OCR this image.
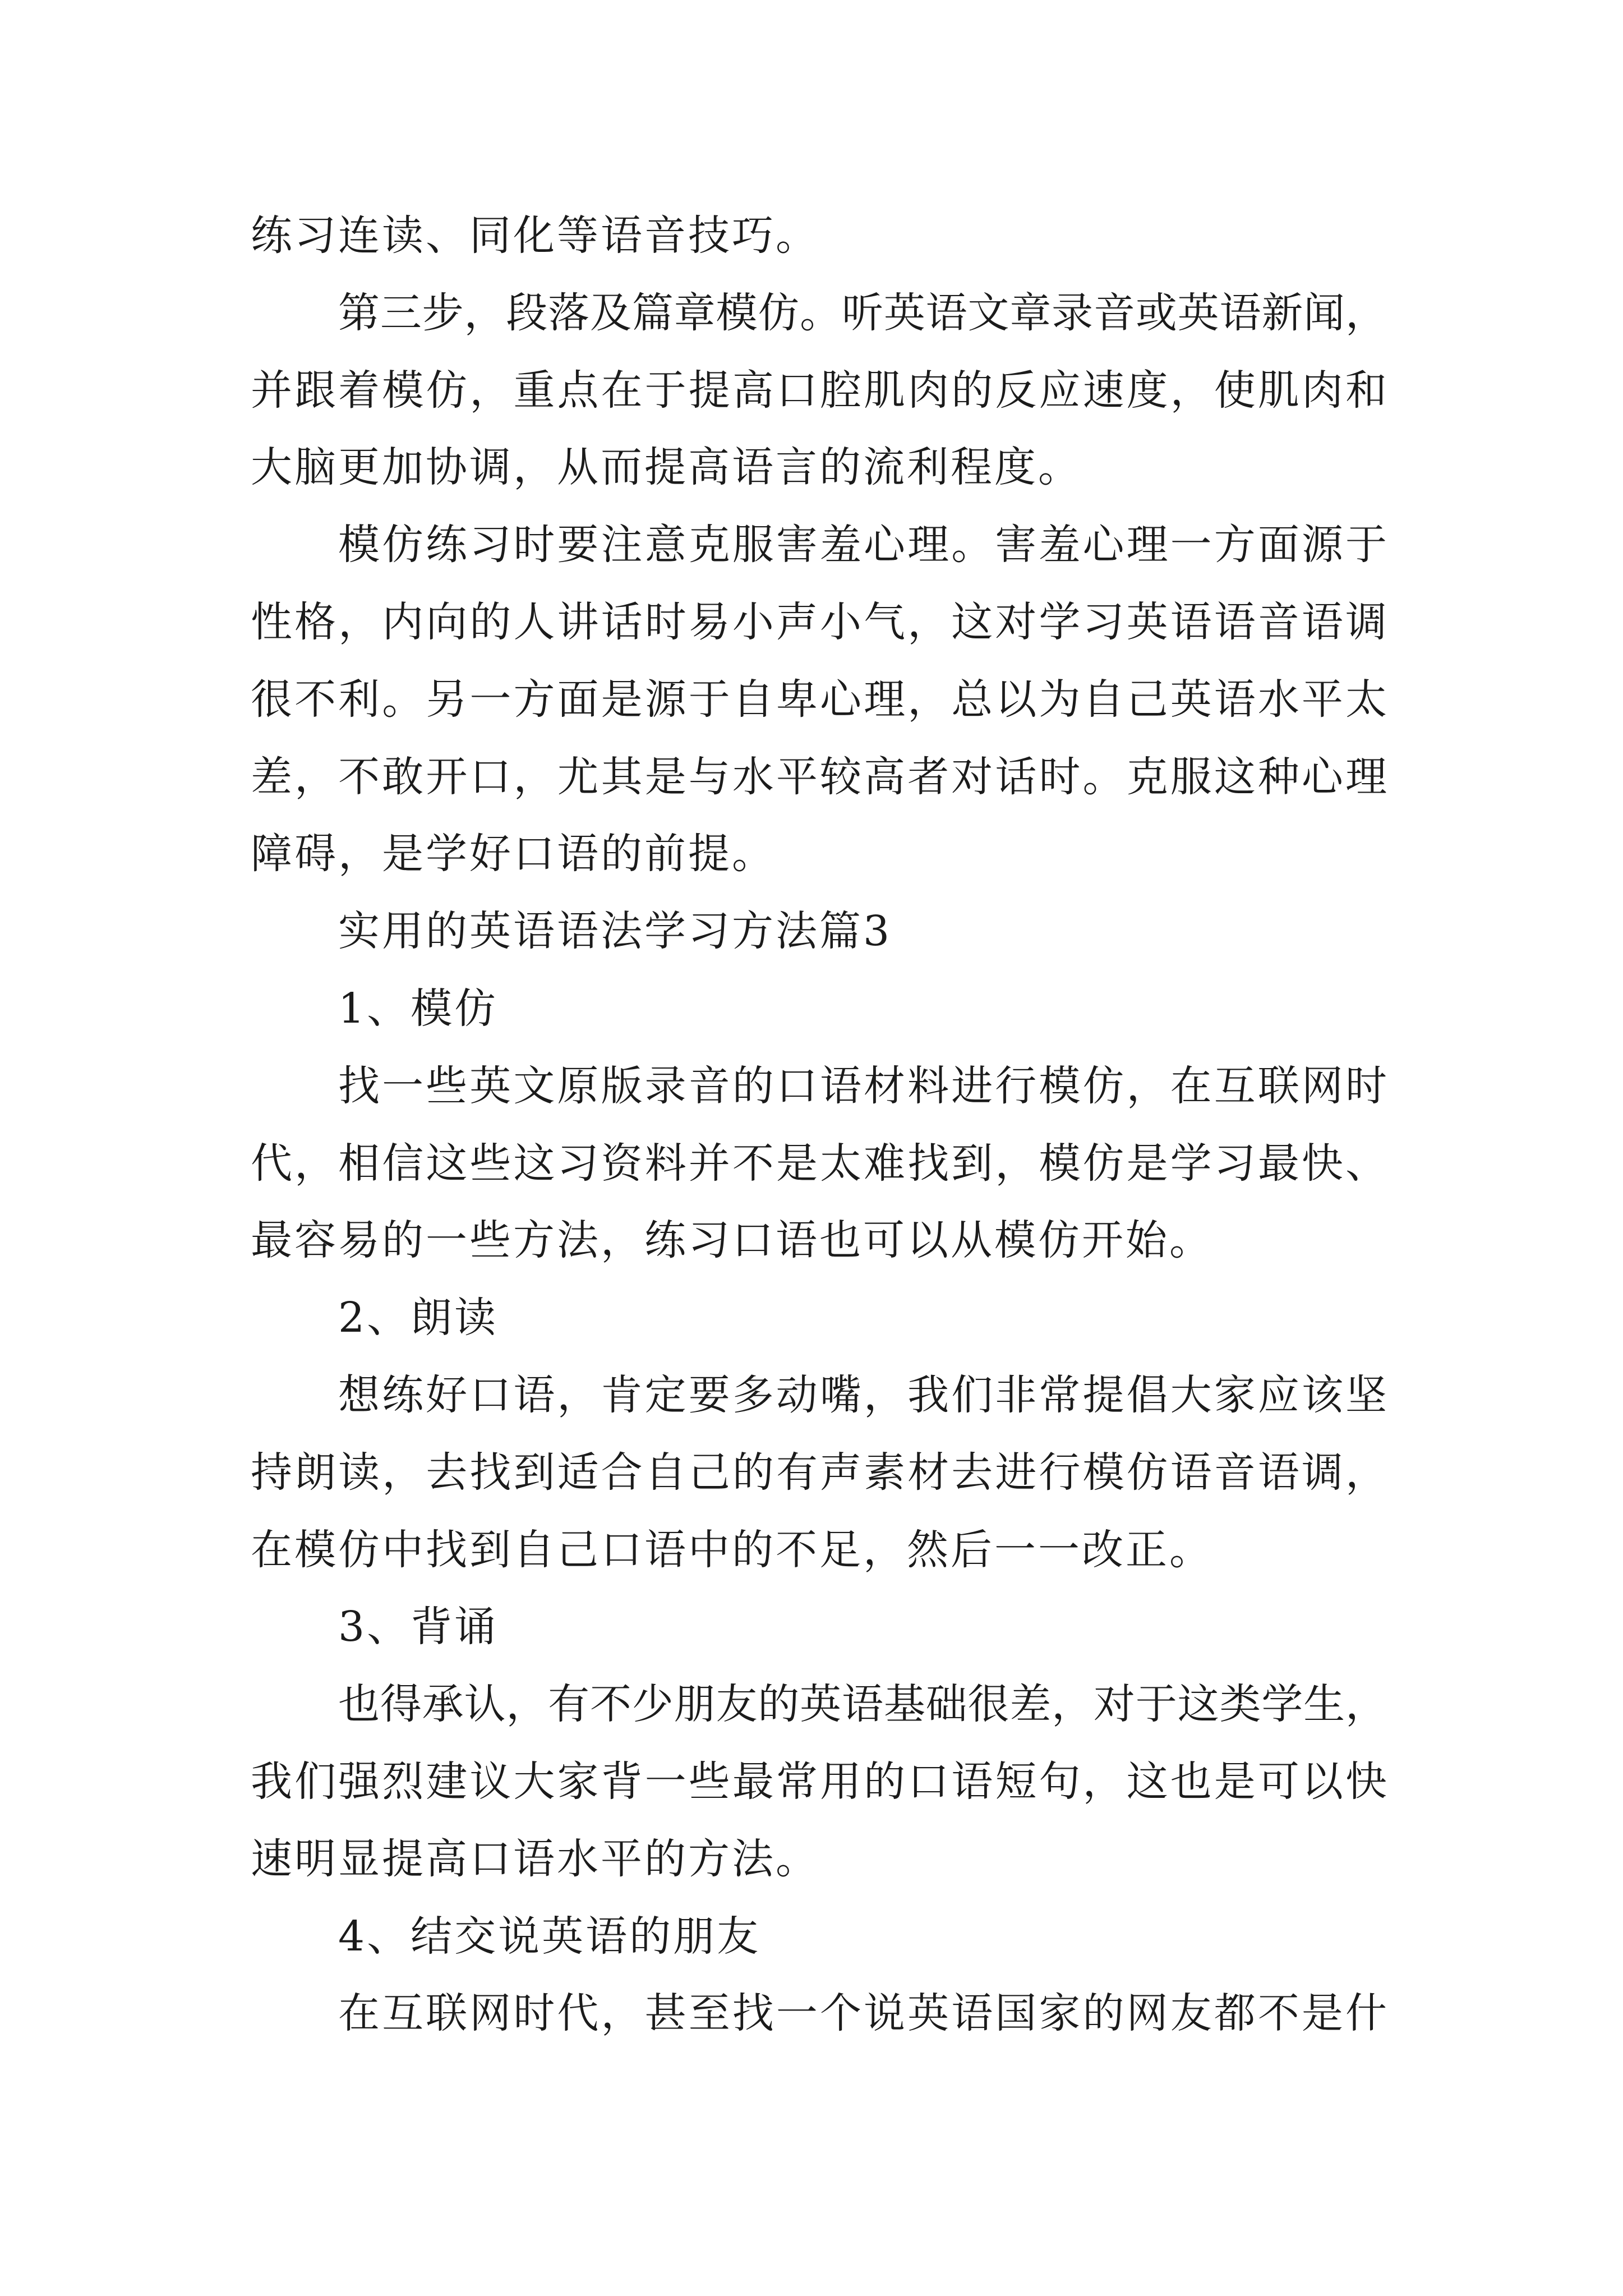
练习连读、同化等语音技巧。
第三步，段落及篇章模仿。听英语文章录音或英语新闻，
并跟着模仿，重点在于提高口腔肌肉的反应速度，使肌肉和
大脑更加协调，从而提高语言的流利程度。
模仿练习时要注意克服害羞心理。害羞心理一方面源于
性格，内向的人讲话时易小声小气，这对学习英语语音语调
很不利。另一方面是源于自卑心理，总以为自己英语水平太
差，不敢开口，尤其是与水平较高者对话时。克服这种心理
障碍，是学好口语的前提。
实用的英语语法学习方法篇3
1、模仿
找一些英文原版录音的口语材料进行模仿，在互联网时
代，相信这些这习资料并不是太难找到，模仿是学习最快、
最容易的一些方法，练习口语也可以从模仿开始。
2、朗读
想练好口语，肯定要多动嘴，我们非常提倡大家应该坚
持朗读，去找到适合自己的有声素材去进行模仿语音语调，
在模仿中找到自己口语中的不足，然后一一改正。
3、背诵
也得承认，有不少朋友的英语基础很差，对于这类学生，
我们强烈建议大家背一些最常用的口语短句，这也是可以快
速明显提高口语水平的方法。
4、结交说英语的朋友
在互联网时代，甚至找一个说英语国家的网友都不是什
